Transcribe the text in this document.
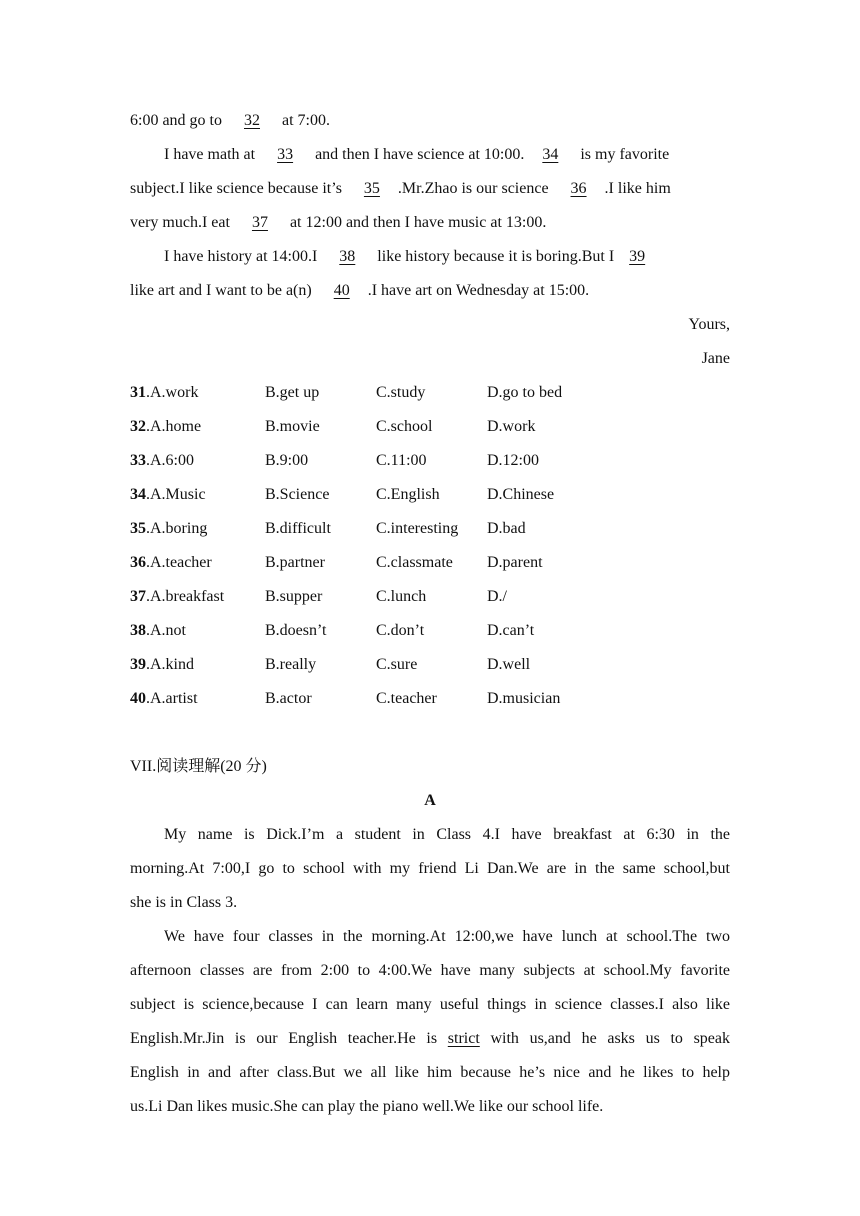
6:00 and go to 32 at 7:00.
I have math at 33 and then I have science at 10:00. 34 is my favorite
subject.I like science because it’s 35 .Mr.Zhao is our science 36 .I like him
very much.I eat 37 at 12:00 and then I have music at 13:00.
I have history at 14:00.I 38 like history because it is boring.But I 39
like art and I want to be a(n) 40 .I have art on Wednesday at 15:00.
Yours,
Jane
31.A.work	B.get up	C.study	D.go to bed
32.A.home	B.movie	C.school	D.work
33.A.6:00	B.9:00	C.11:00	D.12:00
34.A.Music	B.Science	C.English	D.Chinese
35.A.boring	B.difficult	C.interesting D.bad
36.A.teacher	B.partner	C.classmate D.parent
37.A.breakfast	B.supper	C.lunch	D./
38.A.not	B.doesn’t	C.don’t	D.can’t
39.A.kind	B.really	C.sure	D.well
40.A.artist	B.actor	C.teacher	D.musician
VII.阅读理解(20 分)
A
My name is Dick.I’m a student in Class 4.I have breakfast at 6:30 in the
morning.At 7:00,I go to school with my friend Li Dan.We are in the same school,but
she is in Class 3.
We have four classes in the morning.At 12:00,we have lunch at school.The two
afternoon classes are from 2:00 to 4:00.We have many subjects at school.My favorite
subject is science,because I can learn many useful things in science classes.I also like
English.Mr.Jin is our English teacher.He is strict with us,and he asks us to speak
English in and after class.But we all like him because he’s nice and he likes to help
us.Li Dan likes music.She can play the piano well.We like our school life.
